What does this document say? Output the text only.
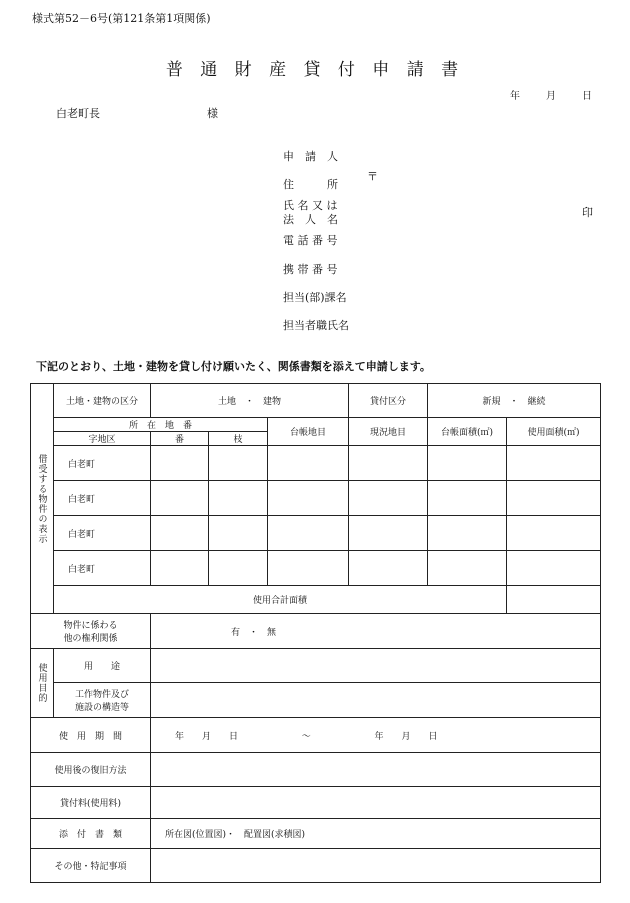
様式第52－6号(第121条第1項関係)
普 通 財 産 貸 付 申 請 書
年	月	日
白老町長	様
申　請　人
住　　　所
〒
氏 名 又 は
法　人　名
印
電 話 番 号
携 帯 番 号
担当(部)課名
担当者職氏名
下記のとおり、土地・建物を貸し付け願いたく、関係書類を添えて申請します。
借受する物件の表示	土地・建物の区分	土地　・　建物			貸付区分	新規　・　継続	
	所　在　地　番			台帳地目	現況地目	台帳面積(㎡)	使用面積(㎡)
	字地区	番	枝				
	白老町						
	白老町						
	白老町						
	白老町						
	使用合計面積						
物件に係わる
他の権利関係		有　・　無					

使用目的	用　　途						
	工作物件及び
施設の構造等						
使　用　期　間		年　　月　　日 ～ 年　　月　　日					
使用後の復旧方法							
貸付料(使用料)							
添　付　書　類		所在図(位置図)・　配置図(求積図)					
その他・特記事項							
